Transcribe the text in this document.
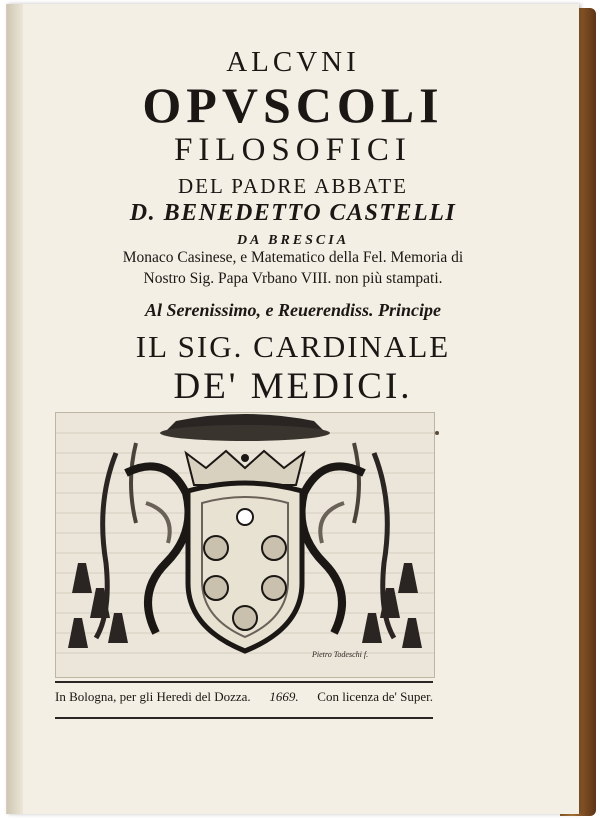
ALCVNI
OPVSCOLI
FILOSOFICI
DEL PADRE ABBATE
D. BENEDETTO CASTELLI
DA BRESCIA
Monaco Casinese, e Matematico della Fel. Memoria di
Nostro Sig. Papa Vrbano VIII. non più stampati.
Al Serenissimo, e Reuerendiss. Principe
IL SIG. CARDINALE
DE' MEDICI.
Pietro Todeschi f.
In Bologna, per gli Heredi del Dozza. 1669. Con licenza de' Super.
